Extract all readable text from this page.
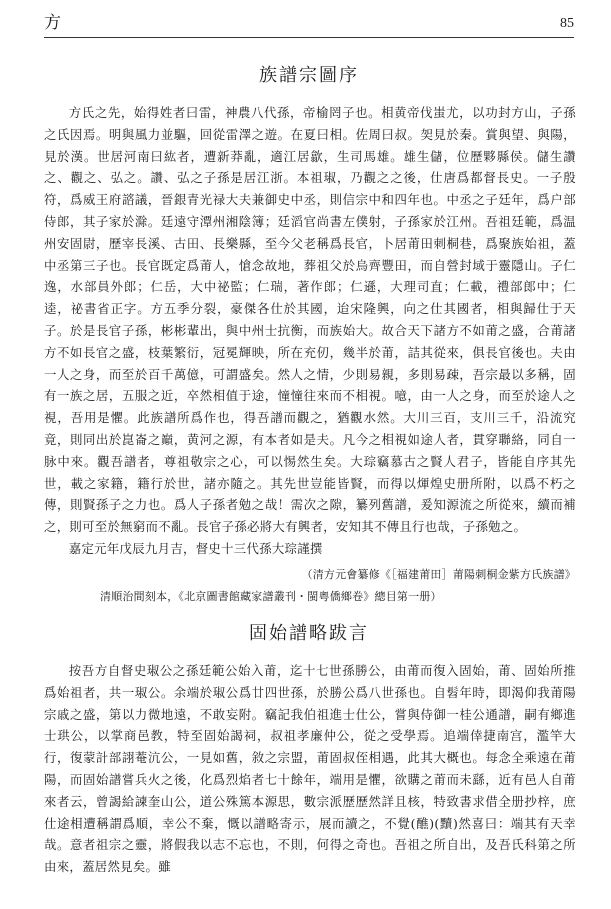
方	85
族譜宗圖序

方氏之先，始得姓者曰雷，神農八代孫，帝榆罔子也。相黄帝伐蚩尤，以功封方山，子孫之氏因焉。明與風力並驅，回從雷澤之遊。在夏曰相。佐周曰叔。㚙見於秦。賞與望、與陽，見於漢。世居河南曰紘者，遭新莽亂，適江居歙，生司馬雄。雄生儲，位歷夥縣侯。儲生讚之、觀之、弘之。讚、弘之子孫是居江浙。本祖琡，乃觀之之後，仕唐爲都督長史。一子殷符，爲威王府諮議，晉銀青光禄大夫兼御史中丞，則信宗中和四年也。中丞之子廷年，爲户部侍郎，其子家於滁。廷遠守潭州湘陰簿；廷滔官尚書左僕射，子孫家於江州。吾祖廷範，爲温州安固尉，歷宰長溪、古田、長樂縣，至今父老稱爲長官，卜居莆田刺桐巷，爲聚族始祖，蓋中丞第三子也。長官既定爲莆人，愴念故地，葬祖父於烏齊豐田，而自營封域于靈隱山。子仁逸，水部員外郎；仁岳，大中祕監；仁瑞，著作郎；仁遜，大理司直；仁載，禮部郎中；仁逵，祕書省正字。方五季分裂，豪傑各仕於其國，迨宋隆興，向之仕其國者，相與歸仕于天子。於是長官子孫，彬彬輩出，與中州士抗衡，而族始大。故合天下諸方不如莆之盛，合莆諸方不如長官之盛，枝葉繁衍，冠冕輝映，所在充仞，幾半於莆，詰其從來，俱長官後也。夫由一人之身，而至於百千萬億，可謂盛矣。然人之情，少則易親，多則易疎，吾宗最以多稱，固有一族之居，五服之近，卒然相值于途，憧憧往來而不相視。噫，由一人之身，而至於途人之視，吾用是懼。此族譜所爲作也，得吾譜而觀之，猶觀水然。大川三百，支川三千，沿流究竟，則同出於崑崙之巔，黄河之源，有本者如是夫。凡今之相視如途人者，貫穿聯絡，同自一脉中來。觀吾譜者，尊祖敬宗之心，可以惕然生矣。大琮竊慕古之賢人君子，皆能自序其先世，載之家籍，籍行於世，諸亦隨之。其先世豈能皆賢，而得以煇煌史册所附，以爲不朽之傳，則賢孫子之力也。爲人子孫者勉之哉！需次之隙，纂列舊譜，爰知源流之所從來，續而補之，則可至於無窮而不亂。長官子孫必將大有興者，安知其不傳且行也哉，子孫勉之。

嘉定元年戊辰九月吉，督史十三代孫大琮謹撰

（清方元會纂修《［福建莆田］莆陽刺桐金紫方氏族譜》
清順治間刻本，《北京圖書館藏家譜叢刊・閩粤僑鄉卷》總目第一册）
固始譜略跋言

按吾方自督史琡公之孫廷範公始入莆，迄十七世孫勝公，由莆而復入固始，莆、固始所推爲始祖者，共一琡公。余端於琡公爲廿四世孫，於勝公爲八世孫也。自髫年時，即渴仰我莆陽宗戚之盛，第以力微地遠，不敢妄附。竊記我伯祖進士仕公，嘗與侍御一桂公通譜，嗣有鄉進士珙公，以掌商邑教，特至固始謁祠，叔祖孝廉仲公，從之受學焉。追端倖捷南宫，濫竿大行，復蒙計部詡菴沆公，一見如舊，敘之宗盟，莆固叔侄相遇，此其大概也。每念全乘遠在莆陽，而固始譜嘗兵火之後，化爲烈焰者七十餘年，端用是懼，欲購之莆而未繇，近有邑人自莆來者云，曾謁給諫奎山公，道公殊篤本源思，數宗派歷歷然詳且核，特致書求借全册抄梓，庶仕途相遭稱謂爲順，幸公不棄，慨以譜略寄示，展而讀之，不覺(醮)(黷)然喜曰：端其有天幸哉。意者祖宗之靈，將假我以志不忘也，不則，何得之奇也。吾祖之所自出，及吾氏科第之所由來，蓋居然見矣。雖
